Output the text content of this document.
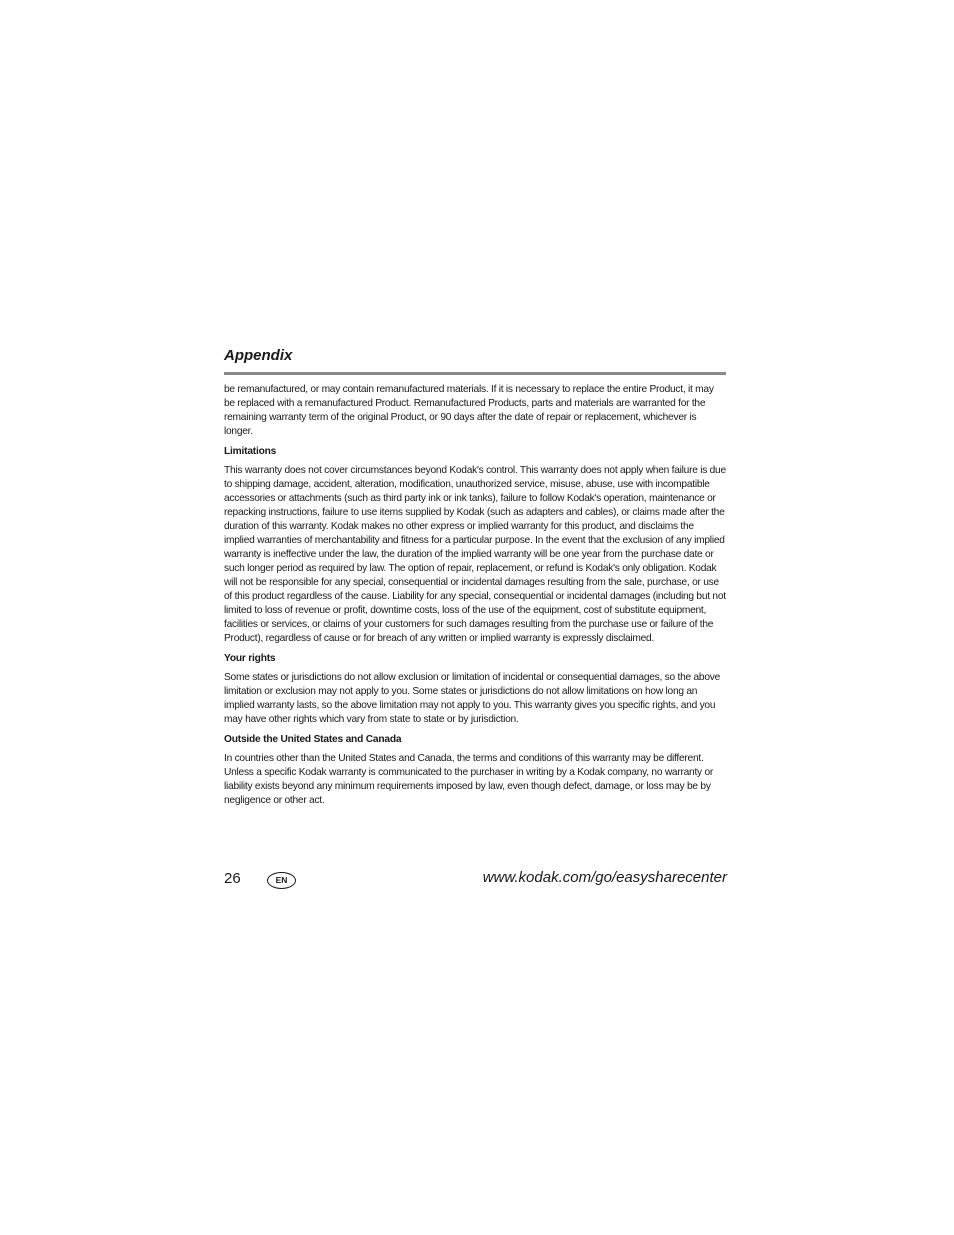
Appendix

be remanufactured, or may contain remanufactured materials. If it is necessary to replace the entire Product, it may be replaced with a remanufactured Product. Remanufactured Products, parts and materials are warranted for the remaining warranty term of the original Product, or 90 days after the date of repair or replacement, whichever is longer.

Limitations

This warranty does not cover circumstances beyond Kodak's control. This warranty does not apply when failure is due to shipping damage, accident, alteration, modification, unauthorized service, misuse, abuse, use with incompatible accessories or attachments (such as third party ink or ink tanks), failure to follow Kodak's operation, maintenance or repacking instructions, failure to use items supplied by Kodak (such as adapters and cables), or claims made after the duration of this warranty. Kodak makes no other express or implied warranty for this product, and disclaims the implied warranties of merchantability and fitness for a particular purpose. In the event that the exclusion of any implied warranty is ineffective under the law, the duration of the implied warranty will be one year from the purchase date or such longer period as required by law. The option of repair, replacement, or refund is Kodak's only obligation. Kodak will not be responsible for any special, consequential or incidental damages resulting from the sale, purchase, or use of this product regardless of the cause. Liability for any special, consequential or incidental damages (including but not limited to loss of revenue or profit, downtime costs, loss of the use of the equipment, cost of substitute equipment, facilities or services, or claims of your customers for such damages resulting from the purchase use or failure of the Product), regardless of cause or for breach of any written or implied warranty is expressly disclaimed.

Your rights

Some states or jurisdictions do not allow exclusion or limitation of incidental or consequential damages, so the above limitation or exclusion may not apply to you. Some states or jurisdictions do not allow limitations on how long an implied warranty lasts, so the above limitation may not apply to you. This warranty gives you specific rights, and you may have other rights which vary from state to state or by jurisdiction.

Outside the United States and Canada

In countries other than the United States and Canada, the terms and conditions of this warranty may be different. Unless a specific Kodak warranty is communicated to the purchaser in writing by a Kodak company, no warranty or liability exists beyond any minimum requirements imposed by law, even though defect, damage, or loss may be by negligence or other act.

26	EN	www.kodak.com/go/easysharecenter
